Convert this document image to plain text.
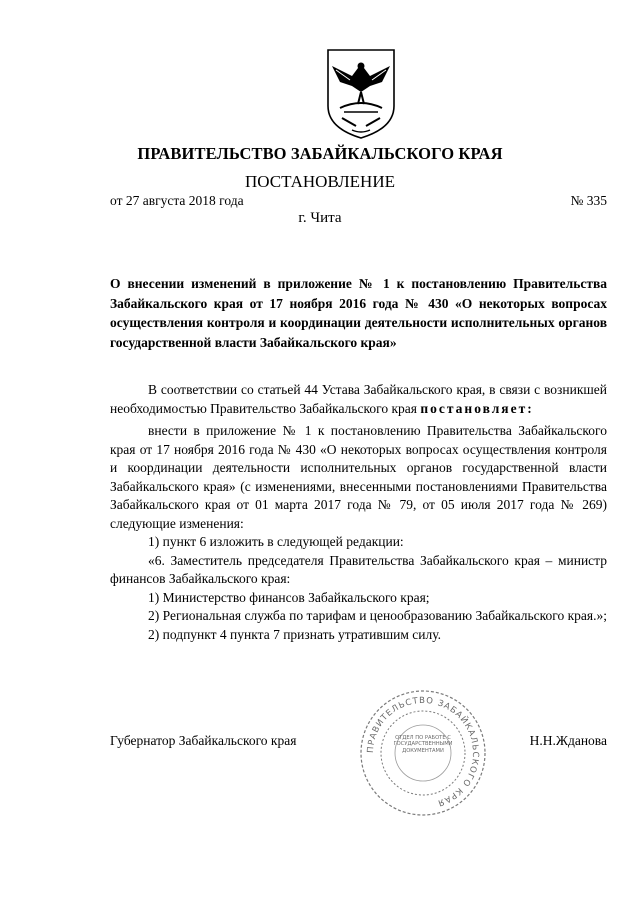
ПРАВИТЕЛЬСТВО ЗАБАЙКАЛЬСКОГО КРАЯ
ПОСТАНОВЛЕНИЕ
от 27 августа 2018 года	№ 335
г. Чита
О внесении изменений в приложение № 1 к постановлению Правительства Забайкальского края от 17 ноября 2016 года № 430 «О некоторых вопросах осуществления контроля и координации деятельности исполнительных органов государственной власти Забайкальского края»

В соответствии со статьей 44 Устава Забайкальского края, в связи с возникшей необходимостью Правительство Забайкальского края постановляет:

внести в приложение № 1 к постановлению Правительства Забайкальского края от 17 ноября 2016 года № 430 «О некоторых вопросах осуществления контроля и координации деятельности исполнительных органов государственной власти Забайкальского края» (с изменениями, внесенными постановлениями Правительства Забайкальского края от 01 марта 2017 года № 79, от 05 июля 2017 года № 269) следующие изменения:

1) пункт 6 изложить в следующей редакции:

«6. Заместитель председателя Правительства Забайкальского края – министр финансов Забайкальского края:

1) Министерство финансов Забайкальского края;

2) Региональная служба по тарифам и ценообразованию Забайкальского края.»;

2) подпункт 4 пункта 7 признать утратившим силу.

Губернатор Забайкальского края	Н.Н.Жданова
ПРАВИТЕЛЬСТВО ЗАБАЙКАЛЬСКОГО КРАЯ
ОТДЕЛ ПО РАБОТЕ С ГОСУДАРСТВЕННЫМИ ДОКУМЕНТАМИ
